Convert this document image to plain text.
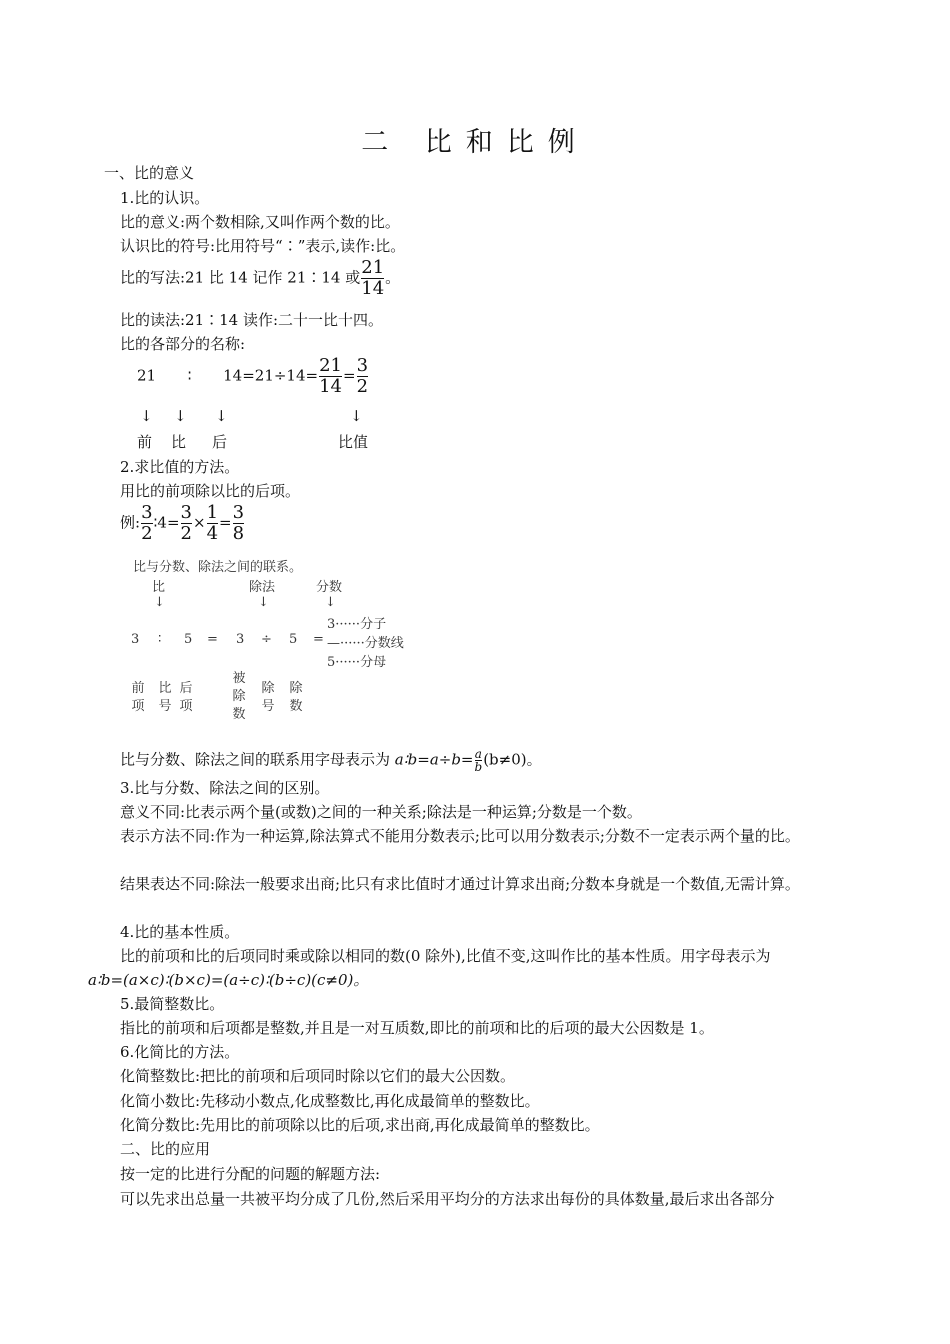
二 比和比例
一、比的意义
1.比的认识。
比的意义:两个数相除,又叫作两个数的比。
认识比的符号:比用符号“∶”表示,读作:比。
比的写法:21 比 14 记作 21∶14 或 $\frac{21}{14}$ 。
比的读法:21∶14 读作:二十一比十四。
比的各部分的名称:
21 ∶ $14=21\div 14= \frac{21}{14} = \frac{3}{2}$
↓ ↓ ↓	↓
前 比 后	比值
2.求比值的方法。
用比的前项除以比的后项。
例: $\frac{3}{2}$ ∶4= $\frac{3}{2} \times \frac{1}{4} = \frac{3}{8}$
比与分数、除法之间的联系。
比	除法	分数
↓	↓	↓
3 ∶ 5 = 3 ÷ 5 =
3······分子
—······分数线
5······分母
前项
比号
后项
被除数
除号
除数
比与分数、除法之间的联系用字母表示为 a∶b=a÷b= $\frac{a}{b} (b\ne 0)$。
3.比与分数、除法之间的区别。
意义不同:比表示两个量(或数)之间的一种关系;除法是一种运算;分数是一个数。
表示方法不同:作为一种运算,除法算式不能用分数表示;比可以用分数表示;分数不一定表示两个量的比。
结果表达不同:除法一般要求出商;比只有求比值时才通过计算求出商;分数本身就是一个数值,无需计算。
4.比的基本性质。
比的前项和比的后项同时乘或除以相同的数(0 除外),比值不变,这叫作比的基本性质。用字母表示为
a∶b=(a×c)∶(b×c)=(a÷c)∶(b÷c)(c≠0)。
5.最简整数比。
指比的前项和后项都是整数,并且是一对互质数,即比的前项和比的后项的最大公因数是 1。
6.化简比的方法。
化简整数比:把比的前项和后项同时除以它们的最大公因数。
化简小数比:先移动小数点,化成整数比,再化成最简单的整数比。
化简分数比:先用比的前项除以比的后项,求出商,再化成最简单的整数比。
二、比的应用
按一定的比进行分配的问题的解题方法:
可以先求出总量一共被平均分成了几份,然后采用平均分的方法求出每份的具体数量,最后求出各部分
